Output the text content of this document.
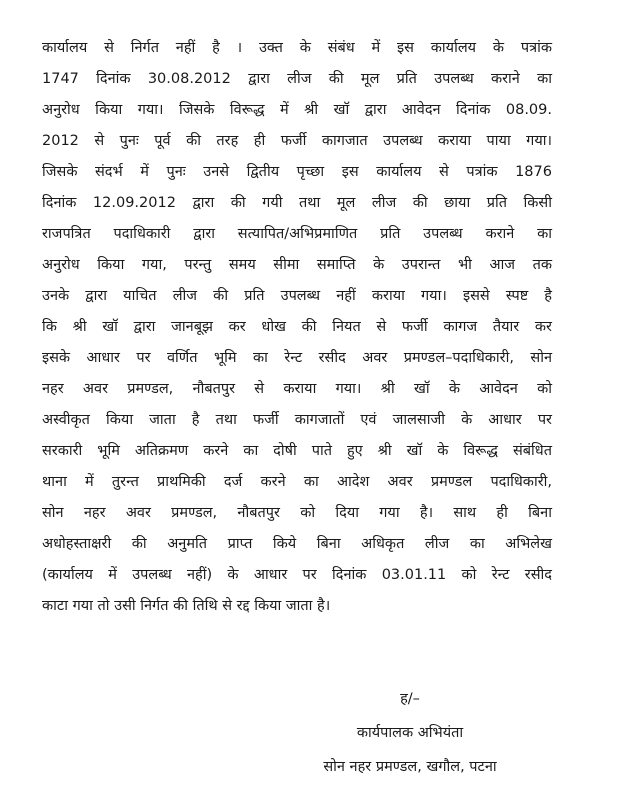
कार्यालय से निर्गत नहीं है । उक्त के संबंध में इस कार्यालय के पत्रांक
1747 दिनांक 30.08.2012 द्वारा लीज की मूल प्रति उपलब्ध कराने का
अनुरोध किया गया। जिसके विरूद्ध में श्री खॉ द्वारा आवेदन दिनांक 08.09.
2012 से पुनः पूर्व की तरह ही फर्जी कागजात उपलब्ध कराया पाया गया।
जिसके संदर्भ में पुनः उनसे द्वितीय पृच्छा इस कार्यालय से पत्रांक 1876
दिनांक 12.09.2012 द्वारा की गयी तथा मूल लीज की छाया प्रति किसी
राजपत्रित पदाधिकारी द्वारा सत्यापित/अभिप्रमाणित प्रति उपलब्ध कराने का
अनुरोध किया गया, परन्तु समय सीमा समाप्ति के उपरान्त भी आज तक
उनके द्वारा याचित लीज की प्रति उपलब्ध नहीं कराया गया। इससे स्पष्ट है
कि श्री खॉ द्वारा जानबूझ कर धोख की नियत से फर्जी कागज तैयार कर
इसके आधार पर वर्णित भूमि का रेन्ट रसीद अवर प्रमण्डल–पदाधिकारी, सोन
नहर अवर प्रमण्डल, नौबतपुर से कराया गया। श्री खॉ के आवेदन को
अस्वीकृत किया जाता है तथा फर्जी कागजातों एवं जालसाजी के आधार पर
सरकारी भूमि अतिक्रमण करने का दोषी पाते हुए श्री खॉ के विरूद्ध संबंधित
थाना में तुरन्त प्राथमिकी दर्ज करने का आदेश अवर प्रमण्डल पदाधिकारी,
सोन नहर अवर प्रमण्डल, नौबतपुर को दिया गया है। साथ ही बिना
अधोहस्ताक्षरी की अनुमति प्राप्त किये बिना अधिकृत लीज का अभिलेख
(कार्यालय में उपलब्ध नहीं) के आधार पर दिनांक 03.01.11 को रेन्ट रसीद
काटा गया तो उसी निर्गत की तिथि से रद्द किया जाता है।
ह/–
कार्यपालक अभियंता
सोन नहर प्रमण्डल, खगौल, पटना
